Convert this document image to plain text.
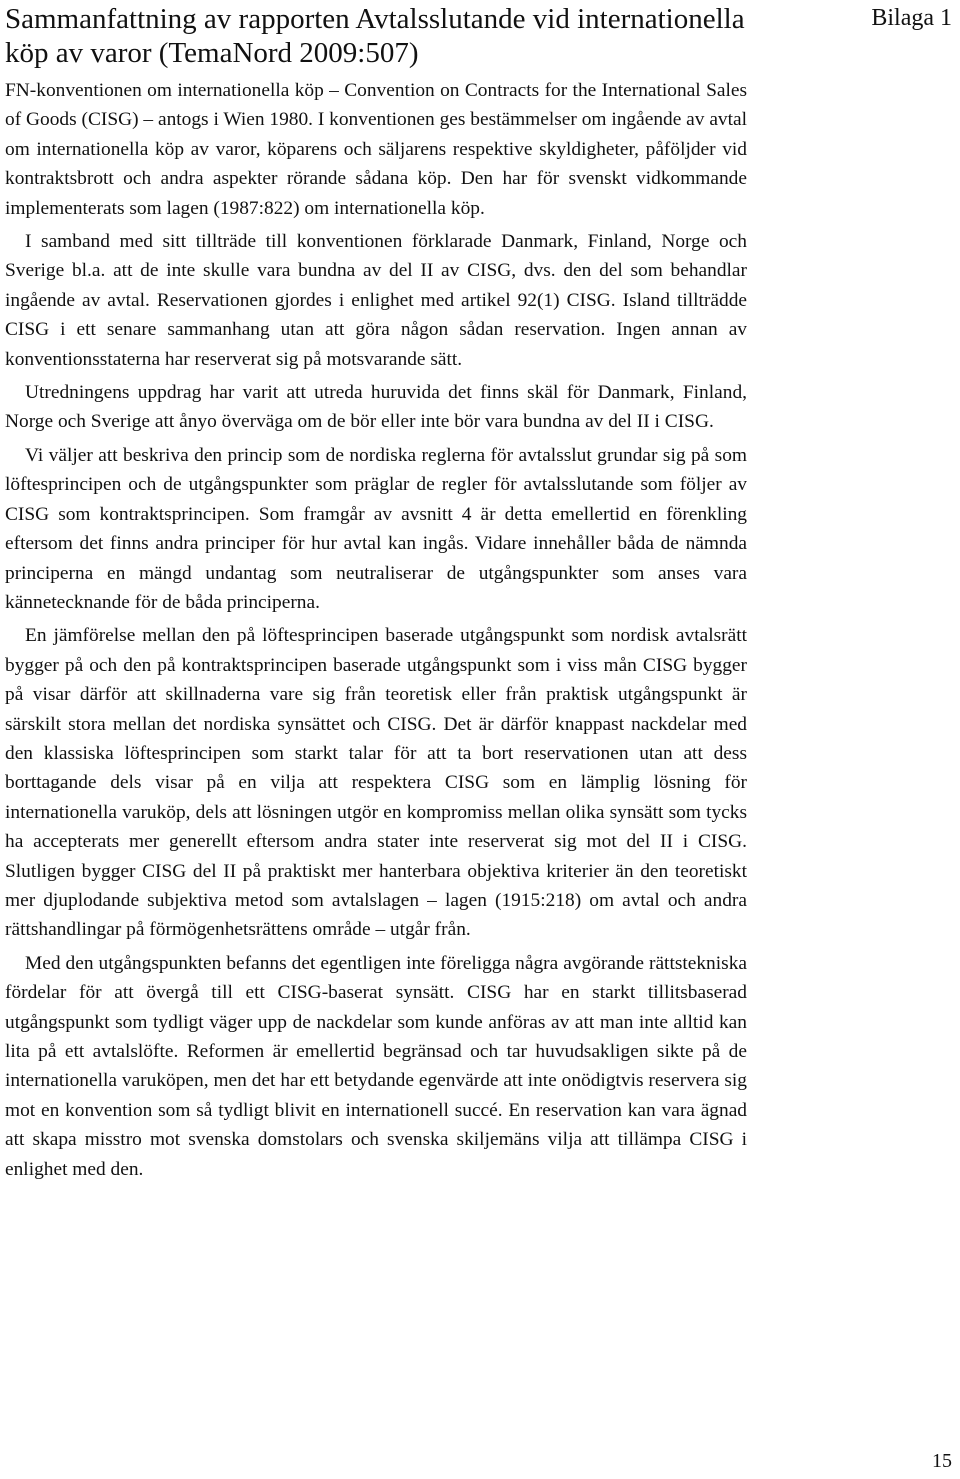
Sammanfattning av rapporten Avtalsslutande vid internationella köp av varor (TemaNord 2009:507)
Bilaga 1

FN-konventionen om internationella köp – Convention on Contracts for the International Sales of Goods (CISG) – antogs i Wien 1980. I konventionen ges bestämmelser om ingående av avtal om internationella köp av varor, köparens och säljarens respektive skyldigheter, påföljder vid kontraktsbrott och andra aspekter rörande sådana köp. Den har för svenskt vidkommande implementerats som lagen (1987:822) om internationella köp.

I samband med sitt tillträde till konventionen förklarade Danmark, Finland, Norge och Sverige bl.a. att de inte skulle vara bundna av del II av CISG, dvs. den del som behandlar ingående av avtal. Reservationen gjordes i enlighet med artikel 92(1) CISG. Island tillträdde CISG i ett senare sammanhang utan att göra någon sådan reservation. Ingen annan av konventionsstaterna har reserverat sig på motsvarande sätt.

Utredningens uppdrag har varit att utreda huruvida det finns skäl för Danmark, Finland, Norge och Sverige att ånyo överväga om de bör eller inte bör vara bundna av del II i CISG.

Vi väljer att beskriva den princip som de nordiska reglerna för avtalsslut grundar sig på som löftesprincipen och de utgångspunkter som präglar de regler för avtalsslutande som följer av CISG som kontraktsprincipen. Som framgår av avsnitt 4 är detta emellertid en förenkling eftersom det finns andra principer för hur avtal kan ingås. Vidare innehåller båda de nämnda principerna en mängd undantag som neutraliserar de utgångspunkter som anses vara kännetecknande för de båda principerna.

En jämförelse mellan den på löftesprincipen baserade utgångspunkt som nordisk avtalsrätt bygger på och den på kontraktsprincipen baserade utgångspunkt som i viss mån CISG bygger på visar därför att skillnaderna vare sig från teoretisk eller från praktisk utgångspunkt är särskilt stora mellan det nordiska synsättet och CISG. Det är därför knappast nackdelar med den klassiska löftesprincipen som starkt talar för att ta bort reservationen utan att dess borttagande dels visar på en vilja att respektera CISG som en lämplig lösning för internationella varuköp, dels att lösningen utgör en kompromiss mellan olika synsätt som tycks ha accepterats mer generellt eftersom andra stater inte reserverat sig mot del II i CISG. Slutligen bygger CISG del II på praktiskt mer hanterbara objektiva kriterier än den teoretiskt mer djuplodande subjektiva metod som avtalslagen – lagen (1915:218) om avtal och andra rättshandlingar på förmögenhetsrättens område – utgår från.

Med den utgångspunkten befanns det egentligen inte föreligga några avgörande rättstekniska fördelar för att övergå till ett CISG-baserat synsätt. CISG har en starkt tillitsbaserad utgångspunkt som tydligt väger upp de nackdelar som kunde anföras av att man inte alltid kan lita på ett avtalslöfte. Reformen är emellertid begränsad och tar huvudsakligen sikte på de internationella varuköpen, men det har ett betydande egenvärde att inte onödigtvis reservera sig mot en konvention som så tydligt blivit en internationell succé. En reservation kan vara ägnad att skapa misstro mot svenska domstolars och svenska skiljemäns vilja att tillämpa CISG i enlighet med den.

15
